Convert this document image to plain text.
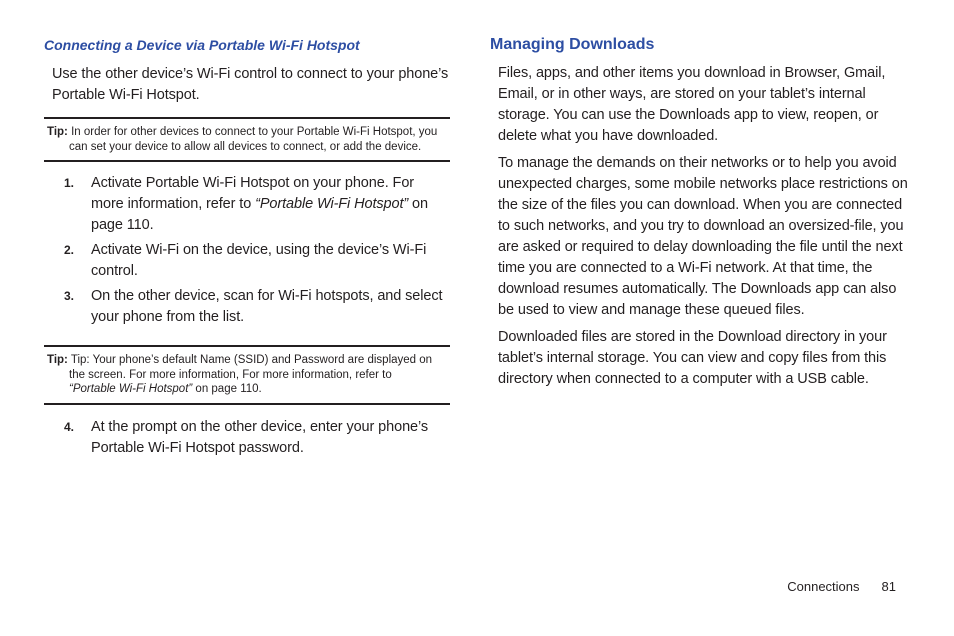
Connecting a Device via Portable Wi-Fi Hotspot

Use the other device’s Wi-Fi control to connect to your phone’s Portable Wi-Fi Hotspot.

Tip: In order for other devices to connect to your Portable Wi-Fi Hotspot, you
can set your device to allow all devices to connect, or add the device.
1. Activate Portable Wi-Fi Hotspot on your phone. For more information, refer to “Portable Wi-Fi Hotspot” on page 110.
2. Activate Wi-Fi on the device, using the device’s Wi-Fi control.
3. On the other device, scan for Wi-Fi hotspots, and select your phone from the list.
Tip: Tip: Your phone’s default Name (SSID) and Password are displayed on
the screen. For more information, For more information, refer to
“Portable Wi-Fi Hotspot” on page 110.
4. At the prompt on the other device, enter your phone’s Portable Wi-Fi Hotspot password.
Managing Downloads

Files, apps, and other items you download in Browser, Gmail, Email, or in other ways, are stored on your tablet’s internal storage. You can use the Downloads app to view, reopen, or delete what you have downloaded.

To manage the demands on their networks or to help you avoid unexpected charges, some mobile networks place restrictions on the size of the files you can download. When you are connected to such networks, and you try to download an oversized-file, you are asked or required to delay downloading the file until the next time you are connected to a Wi-Fi network. At that time, the download resumes automatically. The Downloads app can also be used to view and manage these queued files.

Downloaded files are stored in the Download directory in your tablet’s internal storage. You can view and copy files from this directory when connected to a computer with a USB cable.

Connections 81
